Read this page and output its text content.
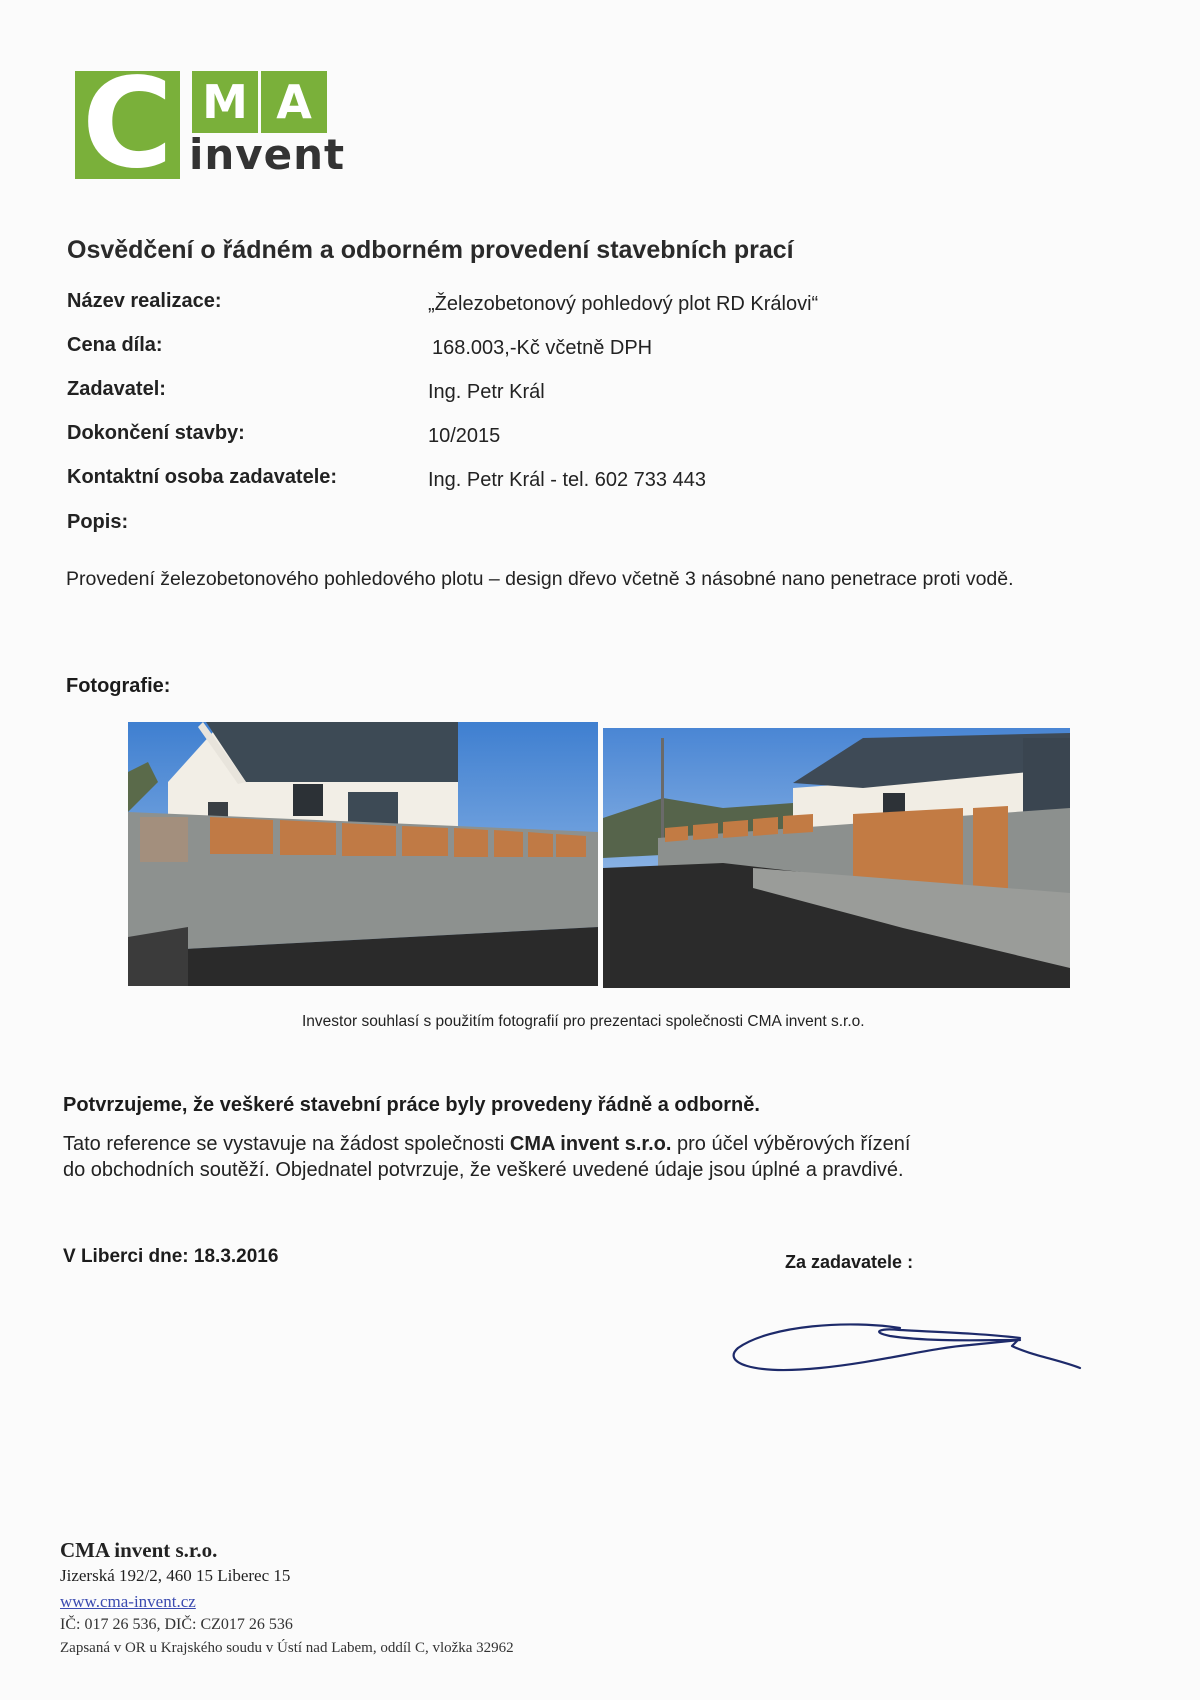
C M A
invent
Osvědčení o řádném a odborném provedení stavebních prací
Název realizace:	„Železobetonový pohledový plot RD Královi“
Cena díla:	168.003,-Kč včetně DPH
Zadavatel:	Ing. Petr Král
Dokončení stavby:	10/2015
Kontaktní osoba zadavatele:	Ing. Petr Král - tel. 602 733 443
Popis:
Provedení železobetonového pohledového plotu – design dřevo včetně 3 násobné nano penetrace proti vodě.
Fotografie:
Investor souhlasí s použitím fotografií pro prezentaci společnosti CMA invent s.r.o.
Potvrzujeme, že veškeré stavební práce byly provedeny řádně a odborně.
Tato reference se vystavuje na žádost společnosti CMA invent s.r.o. pro účel výběrových řízení
do obchodních soutěží. Objednatel potvrzuje, že veškeré uvedené údaje jsou úplné a pravdivé.
V Liberci dne: 18.3.2016	Za zadavatele :
CMA invent s.r.o.
Jizerská 192/2, 460 15 Liberec 15
www.cma-invent.cz
IČ: 017 26 536, DIČ: CZ017 26 536
Zapsaná v OR u Krajského soudu v Ústí nad Labem, oddíl C, vložka 32962
